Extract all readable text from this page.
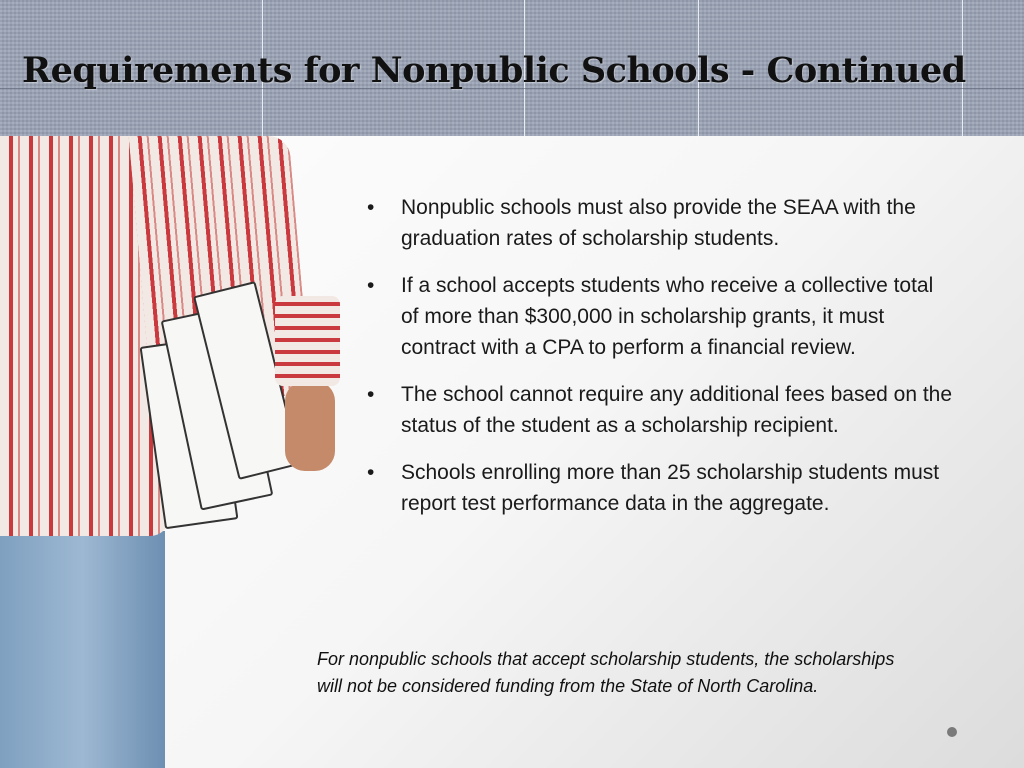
Requirements for Nonpublic Schools - Continued
• Nonpublic schools must also provide the SEAA with the graduation rates of scholarship students.
• If a school accepts students who receive a collective total of more than $300,000 in scholarship grants, it must contract with a CPA to perform a financial review.
• The school cannot require any additional fees based on the status of the student as a scholarship recipient.
• Schools enrolling more than 25 scholarship students must report test performance data in the aggregate.
For nonpublic schools that accept scholarship students, the scholarships will not be considered funding from the State of North Carolina.
